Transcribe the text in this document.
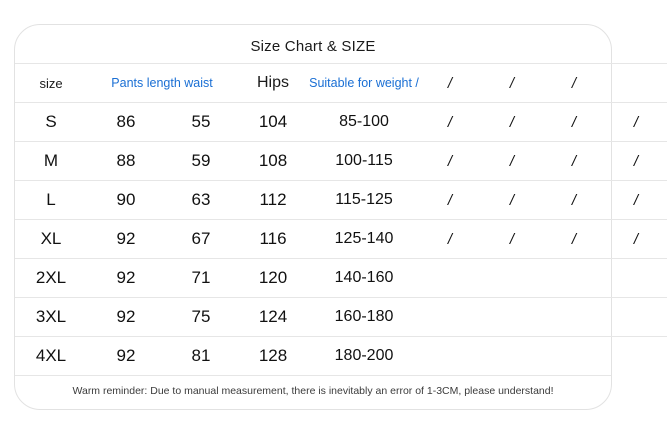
Size Chart & SIZE
size	Pants length waist		Hips	Suitable for weight /	/	/	/	
S	86	55	104	85-100	/	/	/	/
M	88	59	108	100-115	/	/	/	/
L	90	63	112	115-125	/	/	/	/
XL	92	67	116	125-140	/	/	/	/
2XL	92	71	120	140-160				
3XL	92	75	124	160-180				
4XL	92	81	128	180-200				
Warm reminder: Due to manual measurement, there is inevitably an error of 1-3CM, please understand!
